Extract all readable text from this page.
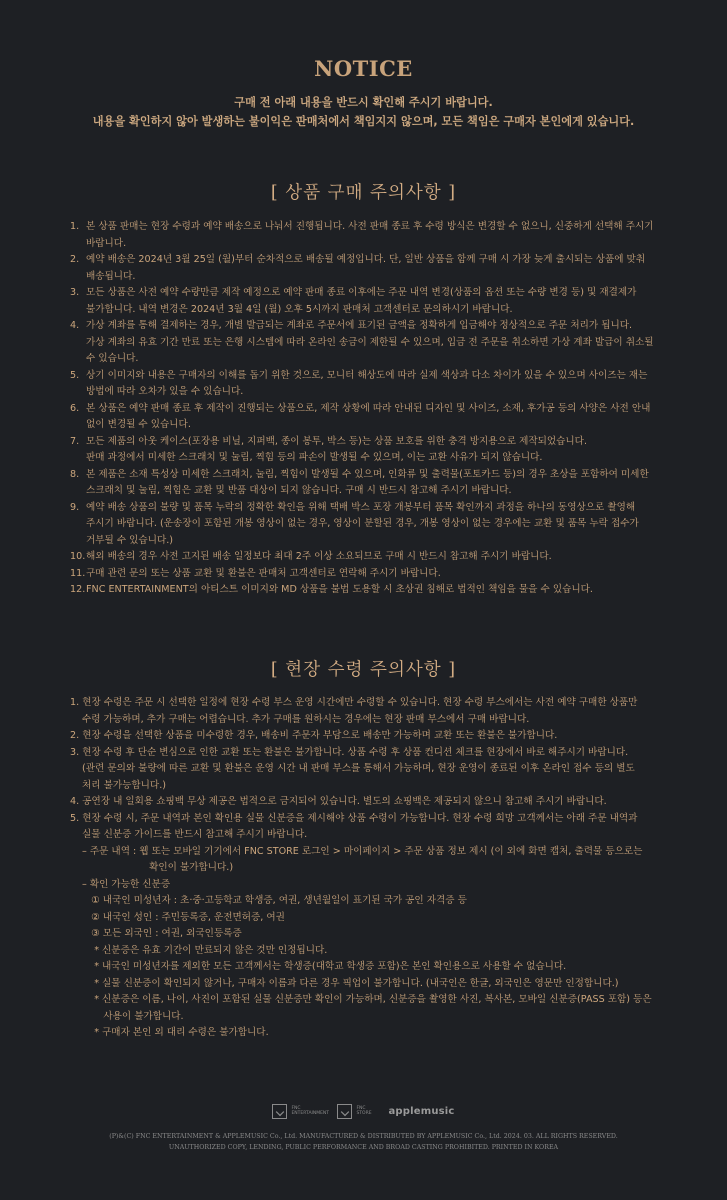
NOTICE
구매 전 아래 내용을 반드시 확인해 주시기 바랍니다.
내용을 확인하지 않아 발생하는 불이익은 판매처에서 책임지지 않으며, 모든 책임은 구매자 본인에게 있습니다.
[ 상품 구매 주의사항 ]
1. 본 상품 판매는 현장 수령과 예약 배송으로 나눠서 진행됩니다. 사전 판매 종료 후 수령 방식은 변경할 수 없으니, 신중하게 선택해 주시기
바랍니다.
2. 예약 배송은 2024년 3월 25일 (월)부터 순차적으로 배송될 예정입니다. 단, 일반 상품을 함께 구매 시 가장 늦게 출시되는 상품에 맞춰
배송됩니다.
3. 모든 상품은 사전 예약 수량만큼 제작 예정으로 예약 판매 종료 이후에는 주문 내역 변경(상품의 옵션 또는 수량 변경 등) 및 재결제가
불가합니다. 내역 변경은 2024년 3월 4일 (월) 오후 5시까지 판매처 고객센터로 문의하시기 바랍니다.
4. 가상 계좌를 통해 결제하는 경우, 개별 발급되는 계좌로 주문서에 표기된 금액을 정확하게 입금해야 정상적으로 주문 처리가 됩니다.
가상 계좌의 유효 기간 만료 또는 은행 시스템에 따라 온라인 송금이 제한될 수 있으며, 입금 전 주문을 취소하면 가상 계좌 발급이 취소될
수 있습니다.
5. 상기 이미지와 내용은 구매자의 이해를 돕기 위한 것으로, 모니터 해상도에 따라 실제 색상과 다소 차이가 있을 수 있으며 사이즈는 재는
방법에 따라 오차가 있을 수 있습니다.
6. 본 상품은 예약 판매 종료 후 제작이 진행되는 상품으로, 제작 상황에 따라 안내된 디자인 및 사이즈, 소재, 후가공 등의 사양은 사전 안내
없이 변경될 수 있습니다.
7. 모든 제품의 아웃 케이스(포장용 비닐, 지퍼백, 종이 봉투, 박스 등)는 상품 보호를 위한 충격 방지용으로 제작되었습니다.
판매 과정에서 미세한 스크래치 및 눌림, 찍힘 등의 파손이 발생될 수 있으며, 이는 교환 사유가 되지 않습니다.
8. 본 제품은 소재 특성상 미세한 스크래치, 눌림, 찍힘이 발생될 수 있으며, 인화류 및 출력물(포토카드 등)의 경우 초상을 포함하여 미세한
스크래치 및 눌림, 찍힘은 교환 및 반품 대상이 되지 않습니다. 구매 시 반드시 참고해 주시기 바랍니다.
9. 예약 배송 상품의 불량 및 품목 누락의 정확한 확인을 위해 택배 박스 포장 개봉부터 품목 확인까지 과정을 하나의 동영상으로 촬영해
주시기 바랍니다. (운송장이 포함된 개봉 영상이 없는 경우, 영상이 분할된 경우, 개봉 영상이 없는 경우에는 교환 및 품목 누락 접수가
거부될 수 있습니다.)
10. 해외 배송의 경우 사전 고지된 배송 일정보다 최대 2주 이상 소요되므로 구매 시 반드시 참고해 주시기 바랍니다.
11. 구매 관련 문의 또는 상품 교환 및 환불은 판매처 고객센터로 연락해 주시기 바랍니다.
12. FNC ENTERTAINMENT의 아티스트 이미지와 MD 상품을 불법 도용할 시 초상권 침해로 법적인 책임을 물을 수 있습니다.
[ 현장 수령 주의사항 ]
1. 현장 수령은 주문 시 선택한 일정에 현장 수령 부스 운영 시간에만 수령할 수 있습니다. 현장 수령 부스에서는 사전 예약 구매한 상품만
수령 가능하며, 추가 구매는 어렵습니다. 추가 구매를 원하시는 경우에는 현장 판매 부스에서 구매 바랍니다.
2. 현장 수령을 선택한 상품을 미수령한 경우, 배송비 주문자 부담으로 배송만 가능하며 교환 또는 환불은 불가합니다.
3. 현장 수령 후 단순 변심으로 인한 교환 또는 환불은 불가합니다. 상품 수령 후 상품 컨디션 체크를 현장에서 바로 해주시기 바랍니다.
(관련 문의와 불량에 따른 교환 및 환불은 운영 시간 내 판매 부스를 통해서 가능하며, 현장 운영이 종료된 이후 온라인 접수 등의 별도
처리 불가능합니다.)
4. 공연장 내 일회용 쇼핑백 무상 제공은 법적으로 금지되어 있습니다. 별도의 쇼핑백은 제공되지 않으니 참고해 주시기 바랍니다.
5. 현장 수령 시, 주문 내역과 본인 확인용 실물 신분증을 제시해야 상품 수령이 가능합니다. 현장 수령 희망 고객께서는 아래 주문 내역과
실물 신분증 가이드를 반드시 참고해 주시기 바랍니다.
– 주문 내역 : 웹 또는 모바일 기기에서 FNC STORE 로그인 > 마이페이지 > 주문 상품 정보 제시 (이 외에 화면 캡처, 출력물 등으로는
확인이 불가합니다.)
– 확인 가능한 신분증
① 내국인 미성년자 : 초·중·고등학교 학생증, 여권, 생년월일이 표기된 국가 공인 자격증 등
② 내국인 성인 : 주민등록증, 운전면허증, 여권
③ 모든 외국인 : 여권, 외국인등록증
* 신분증은 유효 기간이 만료되지 않은 것만 인정됩니다.
* 내국인 미성년자를 제외한 모든 고객께서는 학생증(대학교 학생증 포함)은 본인 확인용으로 사용할 수 없습니다.
* 실물 신분증이 확인되지 않거나, 구매자 이름과 다른 경우 픽업이 불가합니다. (내국인은 한글, 외국인은 영문만 인정합니다.)
* 신분증은 이름, 나이, 사진이 포함된 실물 신분증만 확인이 가능하며, 신분증을 촬영한 사진, 복사본, 모바일 신분증(PASS 포함) 등은
사용이 불가합니다.
* 구매자 본인 외 대리 수령은 불가합니다.
FNC ENTERTAINMENT
FNC STORE applemusic
(P)&(C) FNC ENTERTAINMENT & APPLEMUSIC Co., Ltd. MANUFACTURED & DISTRIBUTED BY APPLEMUSIC Co., Ltd. 2024. 03. ALL RIGHTS RESERVED.
UNAUTHORIZED COPY, LENDING, PUBLIC PERFORMANCE AND BROAD CASTING PROHIBITED. PRINTED IN KOREA
